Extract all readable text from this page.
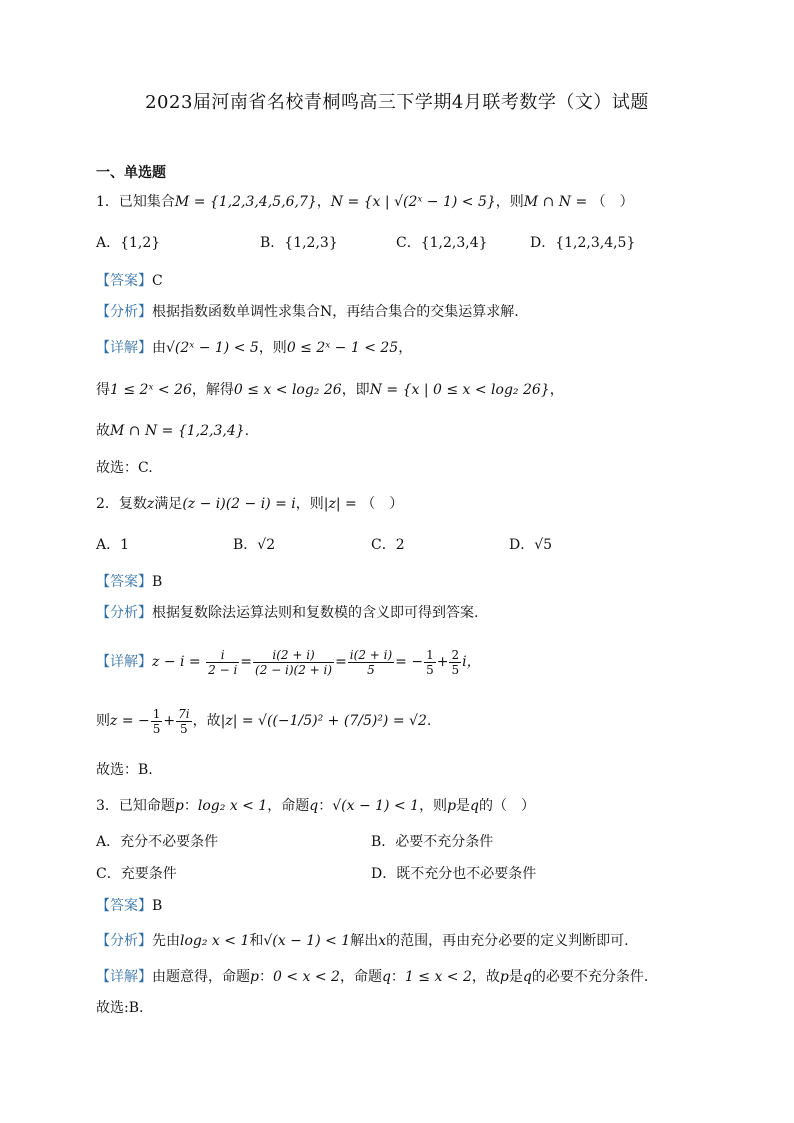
2023届河南省名校青桐鸣高三下学期4月联考数学（文）试题
一、单选题
1．已知集合M = {1,2,3,4,5,6,7}，N = {x | √(2ˣ − 1) < 5}，则M ∩ N = （　）
A．{1,2}	B．{1,2,3}	C．{1,2,3,4}	D．{1,2,3,4,5}
【答案】C
【分析】根据指数函数单调性求集合N，再结合集合的交集运算求解.
【详解】由√(2ˣ − 1) < 5，则0 ≤ 2ˣ − 1 < 25，
得1 ≤ 2ˣ < 26，解得0 ≤ x < log₂ 26，即N = {x | 0 ≤ x < log₂ 26}，
故M ∩ N = {1,2,3,4}.
故选：C.
2．复数z满足(z − i)(2 − i) = i，则|z| = （　）
A．1	B．√2	C．2	D．√5
【答案】B
【分析】根据复数除法运算法则和复数模的含义即可得到答案.
【详解】$z - i = \frac{i}{2 - i} = \frac{i(2 + i)}{(2 - i)(2 + i)} = \frac{i(2 + i)}{5}$ = − $\frac{1}{5} + \frac{2}{5}$ i，
则z = − $\frac{1}{5} + \frac{7i}{5}$ ，故|z| = √((−1/5)² + (7/5)²) = √2.
故选：B.
3．已知命题p：log₂ x < 1，命题q：√(x − 1) < 1，则p是q的（　）
A．充分不必要条件	B．必要不充分条件
C．充要条件	D．既不充分也不必要条件
【答案】B
【分析】先由log₂ x < 1和√(x − 1) < 1解出x的范围，再由充分必要的定义判断即可.
【详解】由题意得，命题p：0 < x < 2，命题q：1 ≤ x < 2，故p是q的必要不充分条件.
故选:B.
